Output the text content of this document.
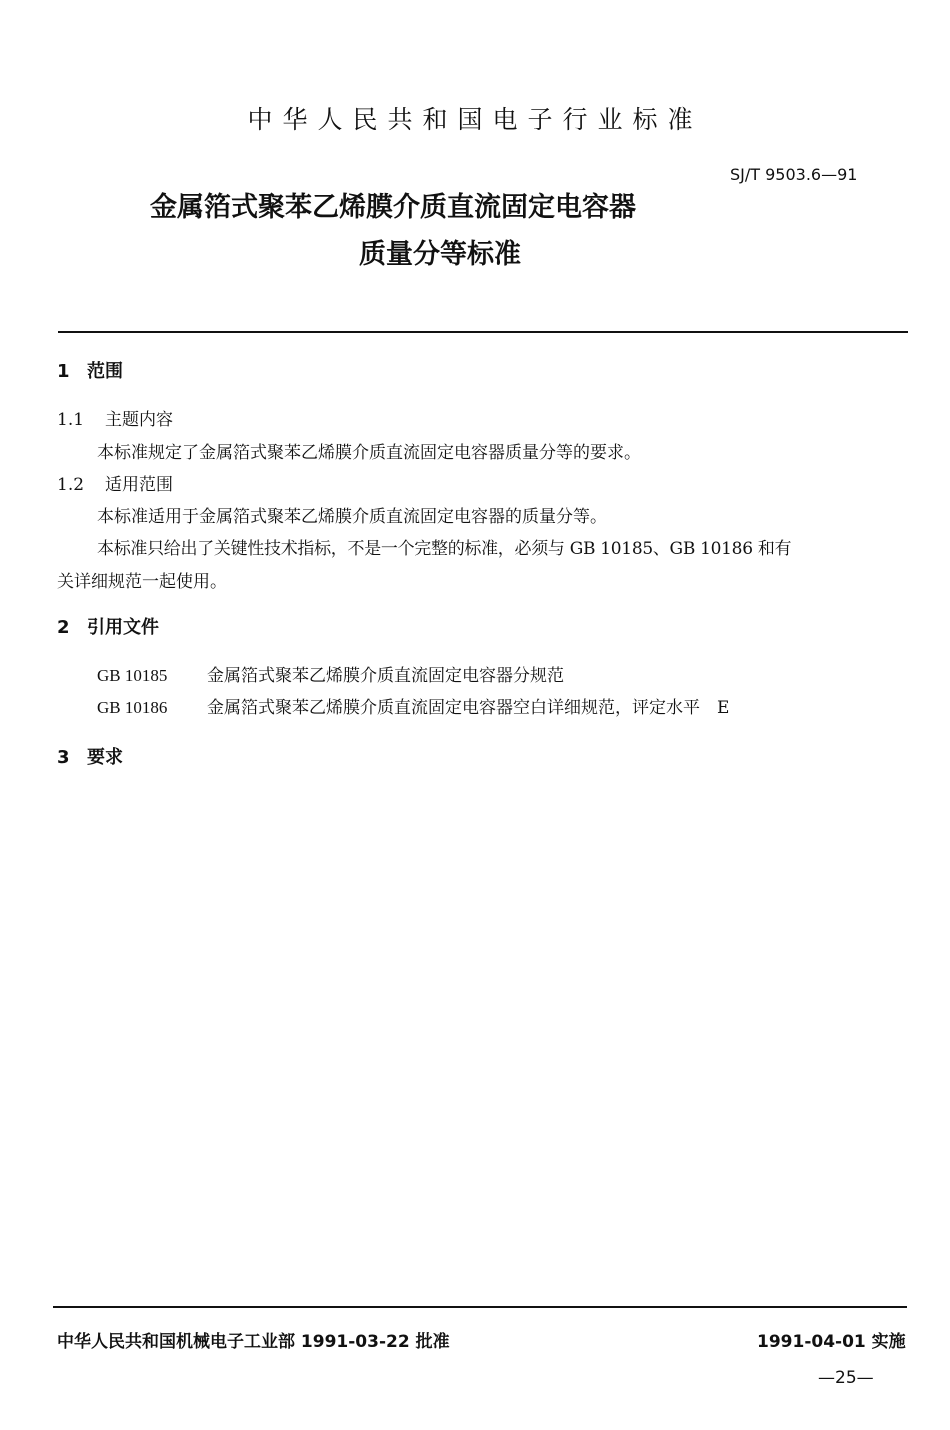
中华人民共和国电子行业标准
SJ/T 9503.6—91
金属箔式聚苯乙烯膜介质直流固定电容器
质量分等标准
1 范围
1.1 主题内容
本标准规定了金属箔式聚苯乙烯膜介质直流固定电容器质量分等的要求。
1.2 适用范围
本标准适用于金属箔式聚苯乙烯膜介质直流固定电容器的质量分等。
本标准只给出了关键性技术指标，不是一个完整的标准，必须与 GB 10185、GB 10186 和有
关详细规范一起使用。
2 引用文件
GB 10185 金属箔式聚苯乙烯膜介质直流固定电容器分规范
GB 10186 金属箔式聚苯乙烯膜介质直流固定电容器空白详细规范，评定水平　E
3 要求
中华人民共和国机械电子工业部 1991-03-22 批准	1991-04-01 实施
—25—
